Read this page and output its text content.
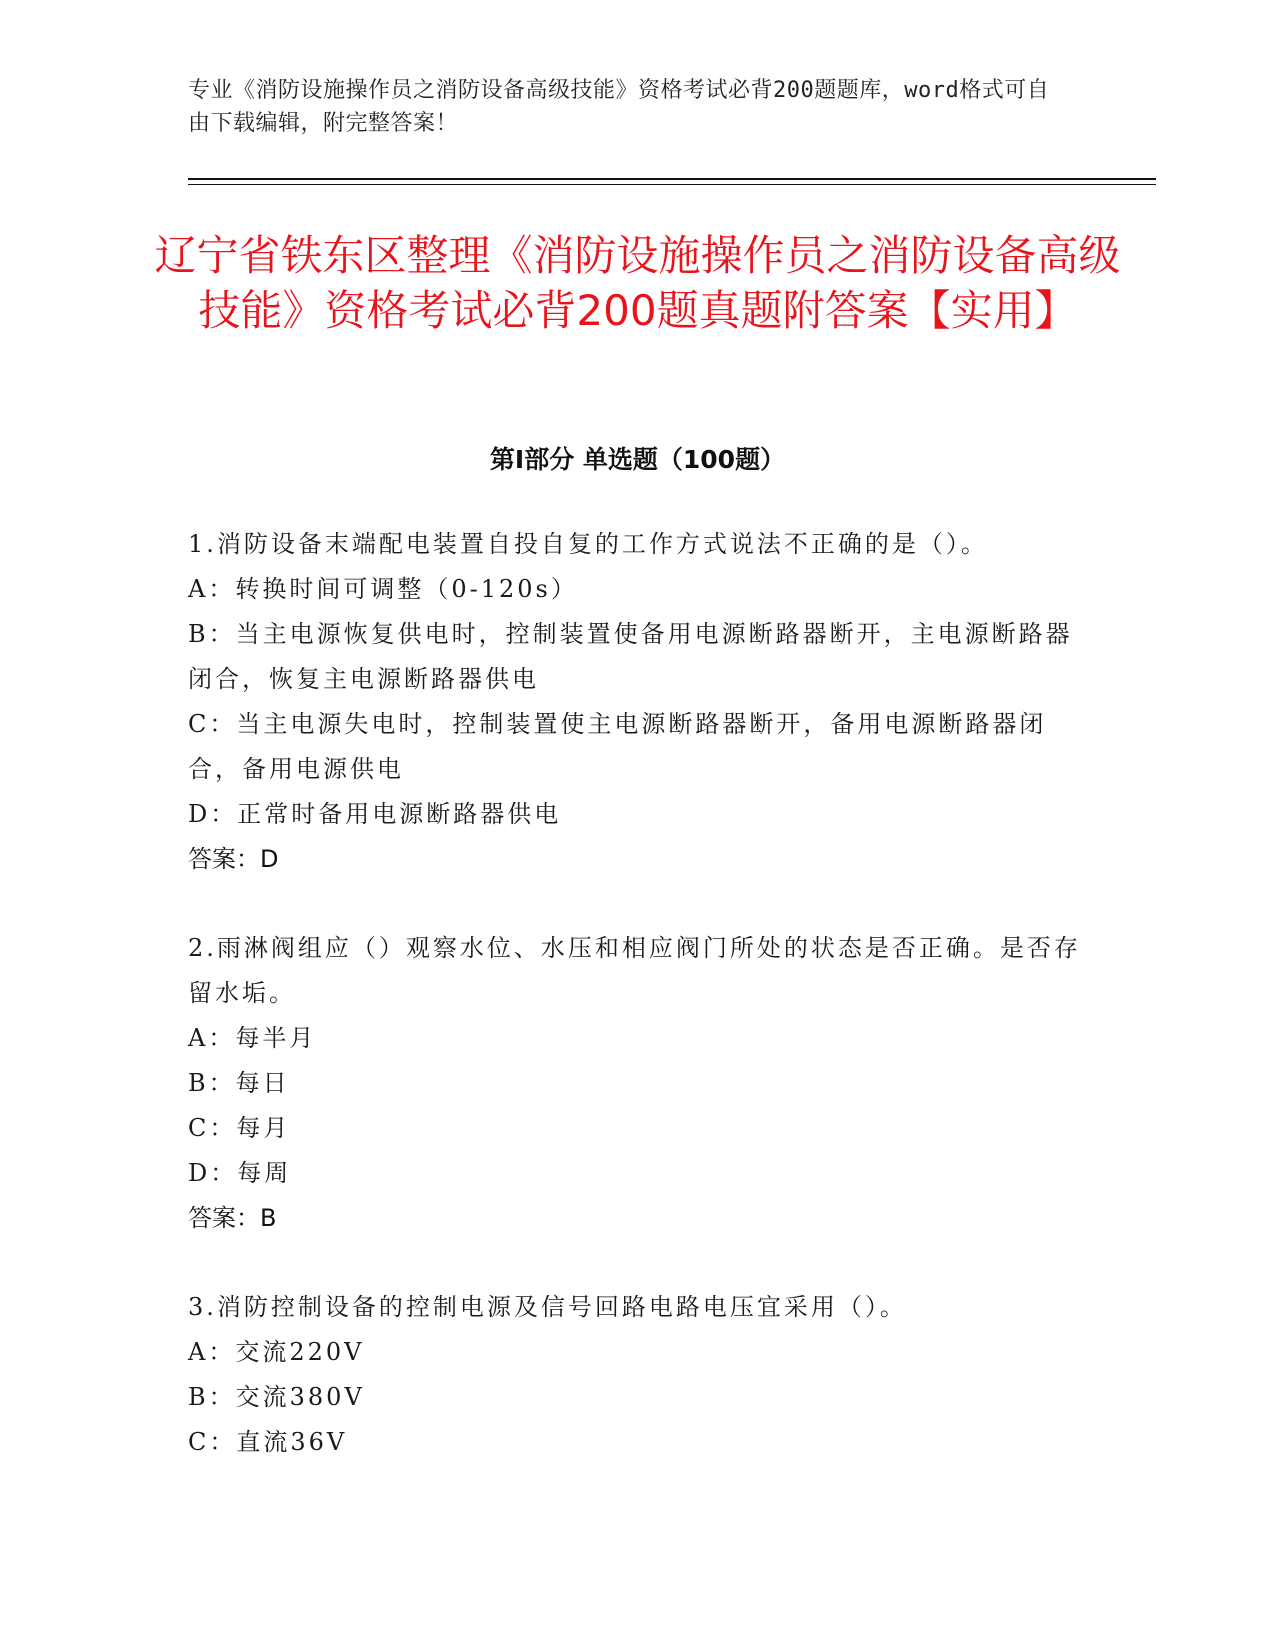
专业《消防设施操作员之消防设备高级技能》资格考试必背200题题库，word格式可自由下载编辑，附完整答案！
辽宁省铁东区整理《消防设施操作员之消防设备高级技能》资格考试必背200题真题附答案【实用】
第I部分 单选题（100题）

1.消防设备末端配电装置自投自复的工作方式说法不正确的是（）。

A：转换时间可调整（0-120s）

B：当主电源恢复供电时，控制装置使备用电源断路器断开，主电源断路器闭合，恢复主电源断路器供电

C：当主电源失电时，控制装置使主电源断路器断开，备用电源断路器闭合，备用电源供电

D：正常时备用电源断路器供电

答案：D

2.雨淋阀组应（）观察水位、水压和相应阀门所处的状态是否正确。是否存留水垢。

A：每半月

B：每日

C：每月

D：每周

答案：B

3.消防控制设备的控制电源及信号回路电路电压宜采用（）。

A：交流220V

B：交流380V

C：直流36V
